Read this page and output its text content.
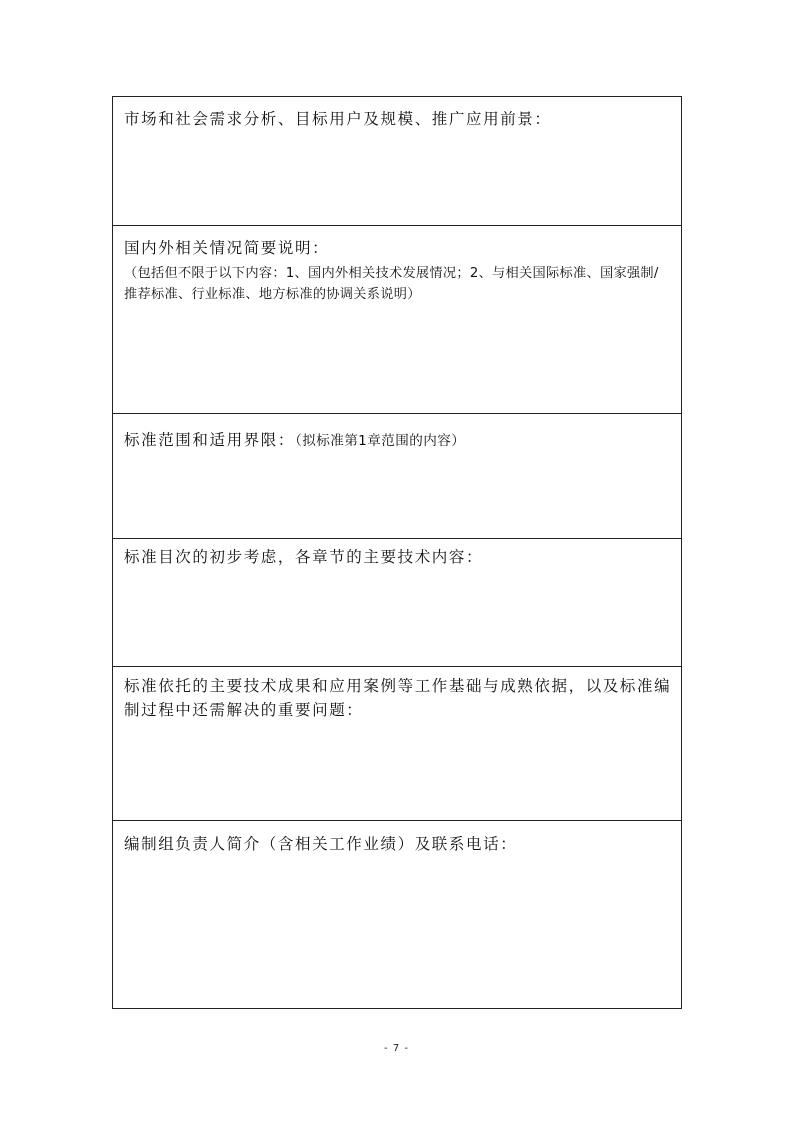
市场和社会需求分析、目标用户及规模、推广应用前景：
国内外相关情况简要说明：
（包括但不限于以下内容：1、国内外相关技术发展情况；2、与相关国际标准、国家强制/推荐标准、行业标准、地方标准的协调关系说明）
标准范围和适用界限：（拟标准第1章范围的内容）
标准目次的初步考虑，各章节的主要技术内容：
标准依托的主要技术成果和应用案例等工作基础与成熟依据，以及标准编制过程中还需解决的重要问题：
编制组负责人简介（含相关工作业绩）及联系电话：
- 7 -
